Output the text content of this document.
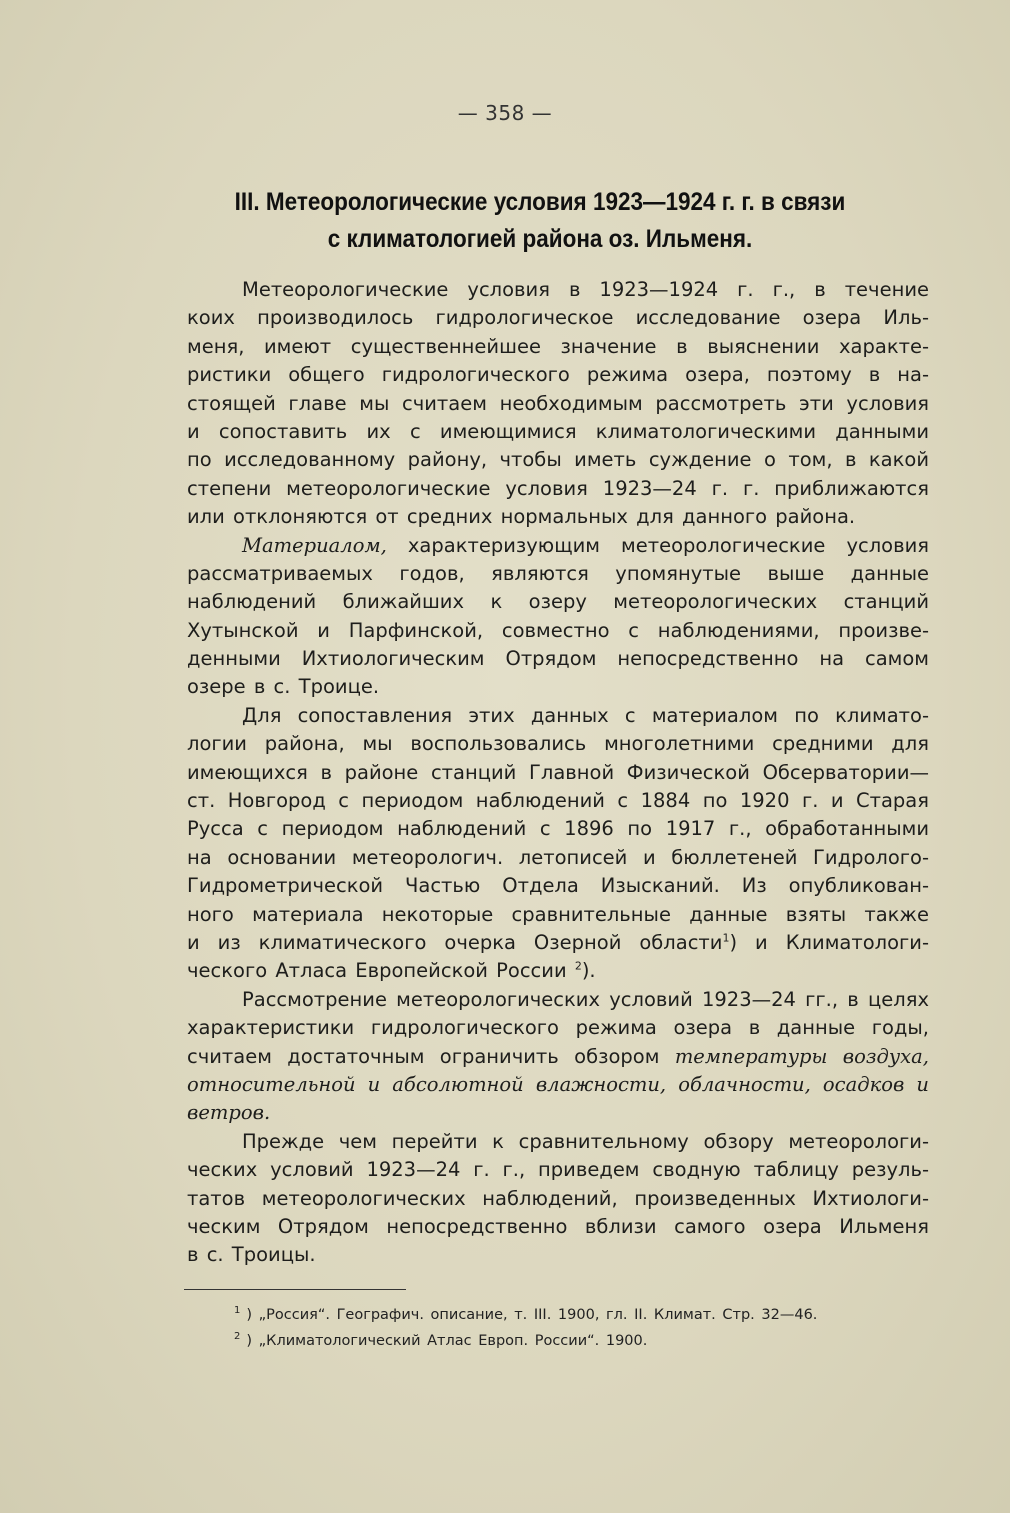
— 358 —
III. Метеорологические условия 1923—1924 г. г. в связи
с климатологией района оз. Ильменя.
Метеорологические условия в 1923—1924 г. г., в течение
коих производилось гидрологическое исследование озера Иль-
меня, имеют существеннейшее значение в выяснении характе-
ристики общего гидрологического режима озера, поэтому в на-
стоящей главе мы считаем необходимым рассмотреть эти условия
и сопоставить их с имеющимися климатологическими данными
по исследованному району, чтобы иметь суждение о том, в какой
степени метеорологические условия 1923—24 г. г. приближаются
или отклоняются от средних нормальных для данного района.
Материалом, характеризующим метеорологические условия
рассматриваемых годов, являются упомянутые выше данные
наблюдений ближайших к озеру метеорологических станций
Хутынской и Парфинской, совместно с наблюдениями, произве-
денными Ихтиологическим Отрядом непосредственно на самом
озере в с. Троице.
Для сопоставления этих данных с материалом по климато-
логии района, мы воспользовались многолетними средними для
имеющихся в районе станций Главной Физической Обсерватории—
ст. Новгород с периодом наблюдений с 1884 по 1920 г. и Старая
Русса с периодом наблюдений с 1896 по 1917 г., обработанными
на основании метеорологич. летописей и бюллетеней Гидролого-
Гидрометрической Частью Отдела Изысканий. Из опубликован-
ного материала некоторые сравнительные данные взяты также
и из климатического очерка Озерной области$^1$) и Климатологи-
ческого Атласа Европейской России $^2$).
Рассмотрение метеорологических условий 1923—24 гг., в целях
характеристики гидрологического режима озера в данные годы,
считаем достаточным ограничить обзором температуры воздуха,
относительной и абсолютной влажности, облачности, осадков и
ветров.
Прежде чем перейти к сравнительному обзору метеорологи-
ческих условий 1923—24 г. г., приведем сводную таблицу резуль-
татов метеорологических наблюдений, произведенных Ихтиологи-
ческим Отрядом непосредственно вблизи самого озера Ильменя
в с. Троицы.
$^1$ ) „Россия“. Географич. описание, т. III. 1900, гл. II. Климат. Стр. 32—46.
$^2$ ) „Климатологический Атлас Европ. России“. 1900.
